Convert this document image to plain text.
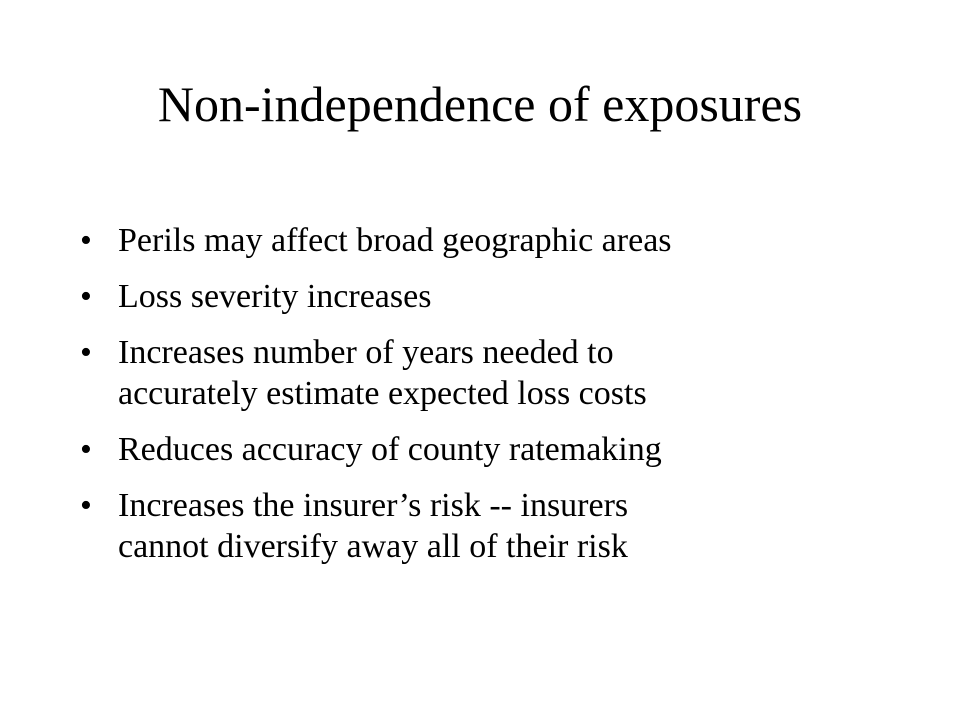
Non-independence of exposures
• Perils may affect broad geographic areas
• Loss severity increases
• Increases number of years needed to
accurately estimate expected loss costs
• Reduces accuracy of county ratemaking
• Increases the insurer’s risk -- insurers
cannot diversify away all of their risk
